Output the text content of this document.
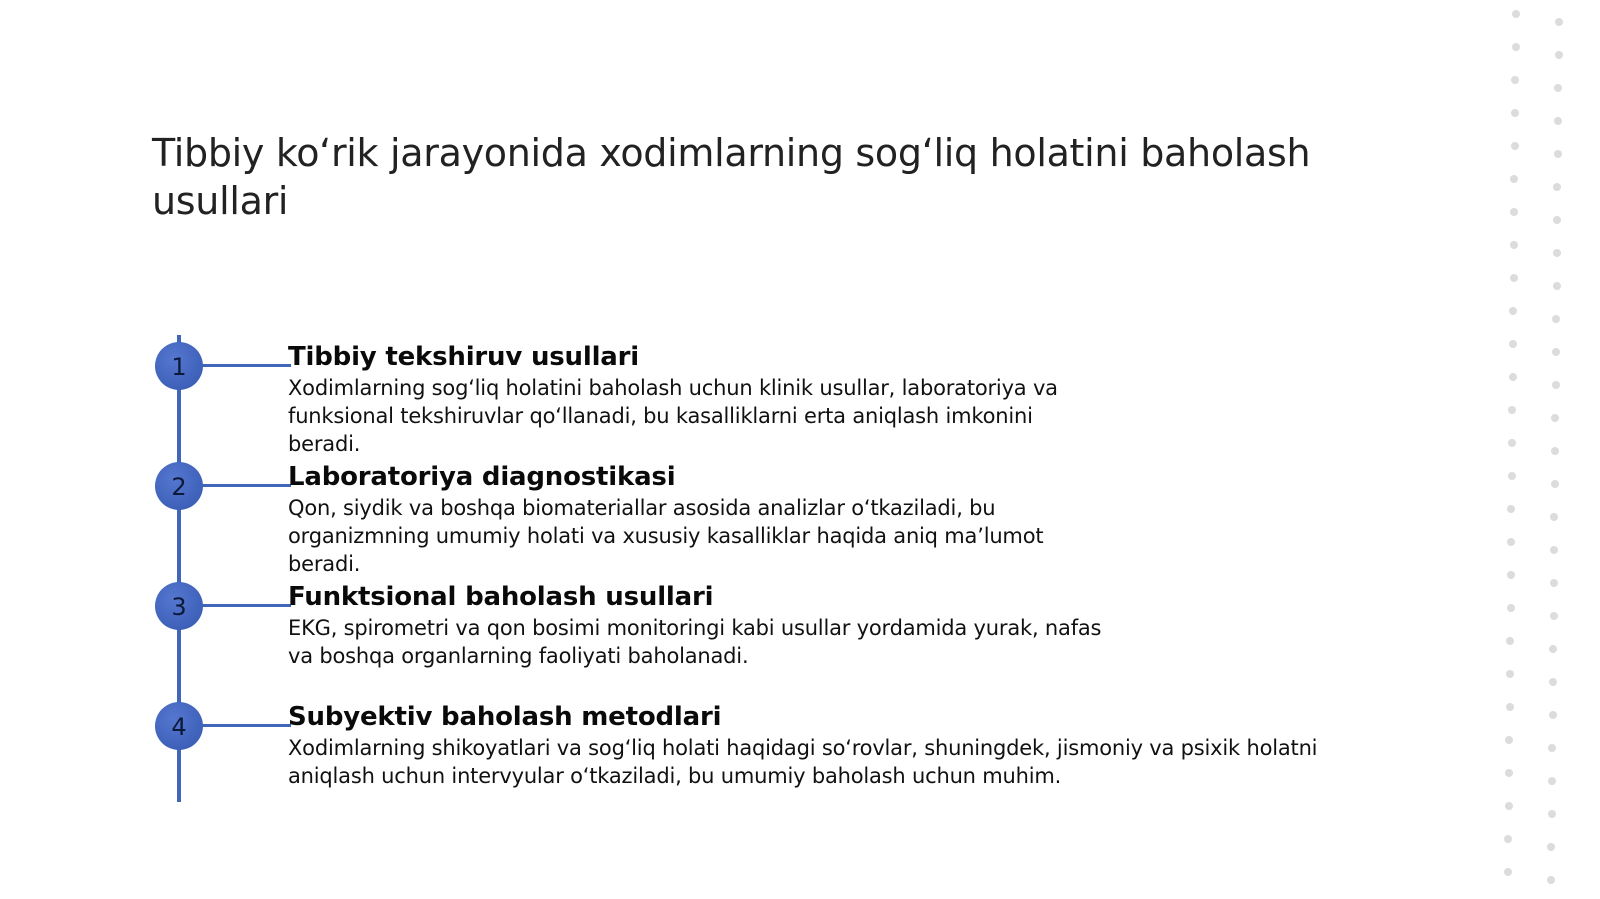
Tibbiy koʻrik jarayonida xodimlarning sogʻliq holatini baholash usullari
1	Tibbiy tekshiruv usullari
Xodimlarning sogʻliq holatini baholash uchun klinik usullar, laboratoriya va funksional tekshiruvlar qoʻllanadi, bu kasalliklarni erta aniqlash imkonini beradi.
2	Laboratoriya diagnostikasi
Qon, siydik va boshqa biomateriallar asosida analizlar oʻtkaziladi, bu organizmning umumiy holati va xususiy kasalliklar haqida aniq maʼlumot beradi.
3	Funktsional baholash usullari
EKG, spirometri va qon bosimi monitoringi kabi usullar yordamida yurak, nafas va boshqa organlarning faoliyati baholanadi.
4	Subyektiv baholash metodlari
Xodimlarning shikoyatlari va sogʻliq holati haqidagi soʻrovlar, shuningdek, jismoniy va psixik holatni aniqlash uchun intervyular oʻtkaziladi, bu umumiy baholash uchun muhim.
